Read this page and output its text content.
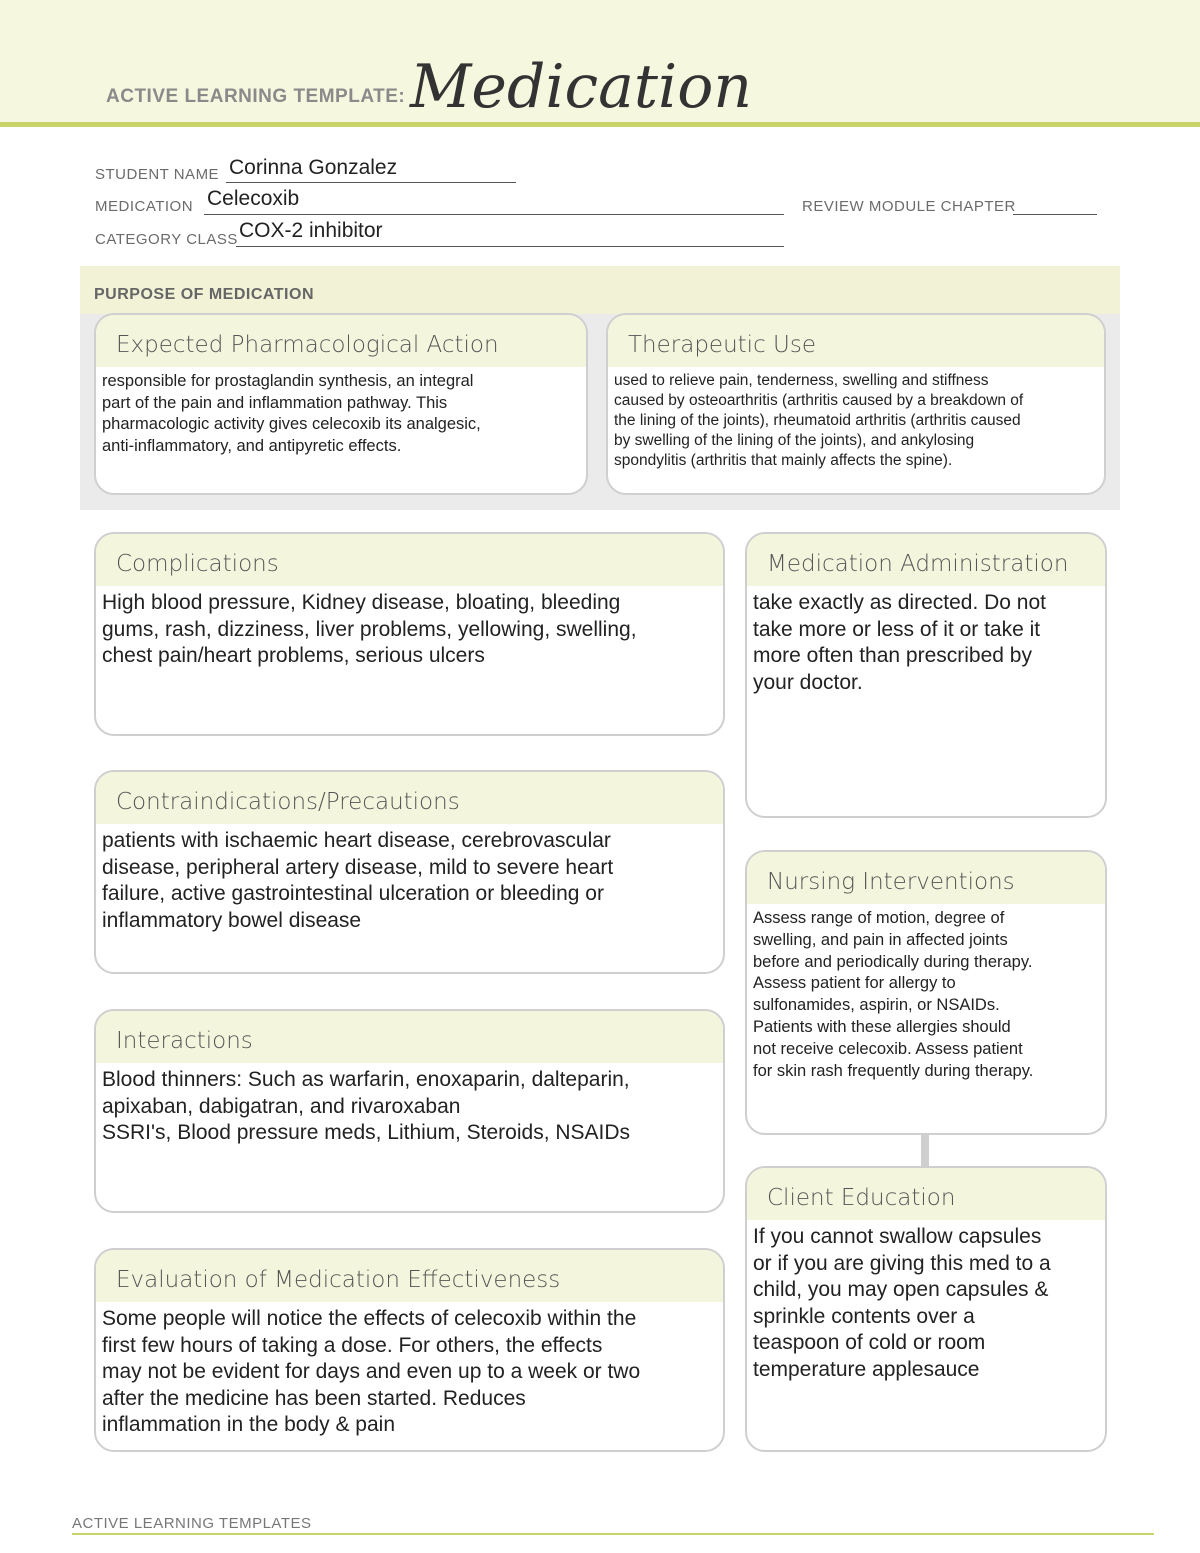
ACTIVE LEARNING TEMPLATE: Medication
STUDENT NAME Corinna Gonzalez
MEDICATION Celecoxib	REVIEW MODULE CHAPTER
CATEGORY CLASS COX-2 inhibitor
PURPOSE OF MEDICATION
Expected Pharmacological Action
responsible for prostaglandin synthesis, an integral
part of the pain and inflammation pathway. This
pharmacologic activity gives celecoxib its analgesic,
anti-inflammatory, and antipyretic effects.
Therapeutic Use
used to relieve pain, tenderness, swelling and stiffness
caused by osteoarthritis (arthritis caused by a breakdown of
the lining of the joints), rheumatoid arthritis (arthritis caused
by swelling of the lining of the joints), and ankylosing
spondylitis (arthritis that mainly affects the spine).
Complications
High blood pressure, Kidney disease, bloating, bleeding
gums, rash, dizziness, liver problems, yellowing, swelling,
chest pain/heart problems, serious ulcers
Contraindications/Precautions
patients with ischaemic heart disease, cerebrovascular
disease, peripheral artery disease, mild to severe heart
failure, active gastrointestinal ulceration or bleeding or
inflammatory bowel disease
Interactions
Blood thinners: Such as warfarin, enoxaparin, dalteparin,
apixaban, dabigatran, and rivaroxaban
SSRI's, Blood pressure meds, Lithium, Steroids, NSAIDs
Evaluation of Medication Effectiveness
Some people will notice the effects of celecoxib within the
first few hours of taking a dose. For others, the effects
may not be evident for days and even up to a week or two
after the medicine has been started. Reduces
inflammation in the body & pain
Medication Administration
take exactly as directed. Do not
take more or less of it or take it
more often than prescribed by
your doctor.
Nursing Interventions
Assess range of motion, degree of
swelling, and pain in affected joints
before and periodically during therapy.
Assess patient for allergy to
sulfonamides, aspirin, or NSAIDs.
Patients with these allergies should
not receive celecoxib. Assess patient
for skin rash frequently during therapy.
Client Education
If you cannot swallow capsules
or if you are giving this med to a
child, you may open capsules &
sprinkle contents over a
teaspoon of cold or room
temperature applesauce
ACTIVE LEARNING TEMPLATES
